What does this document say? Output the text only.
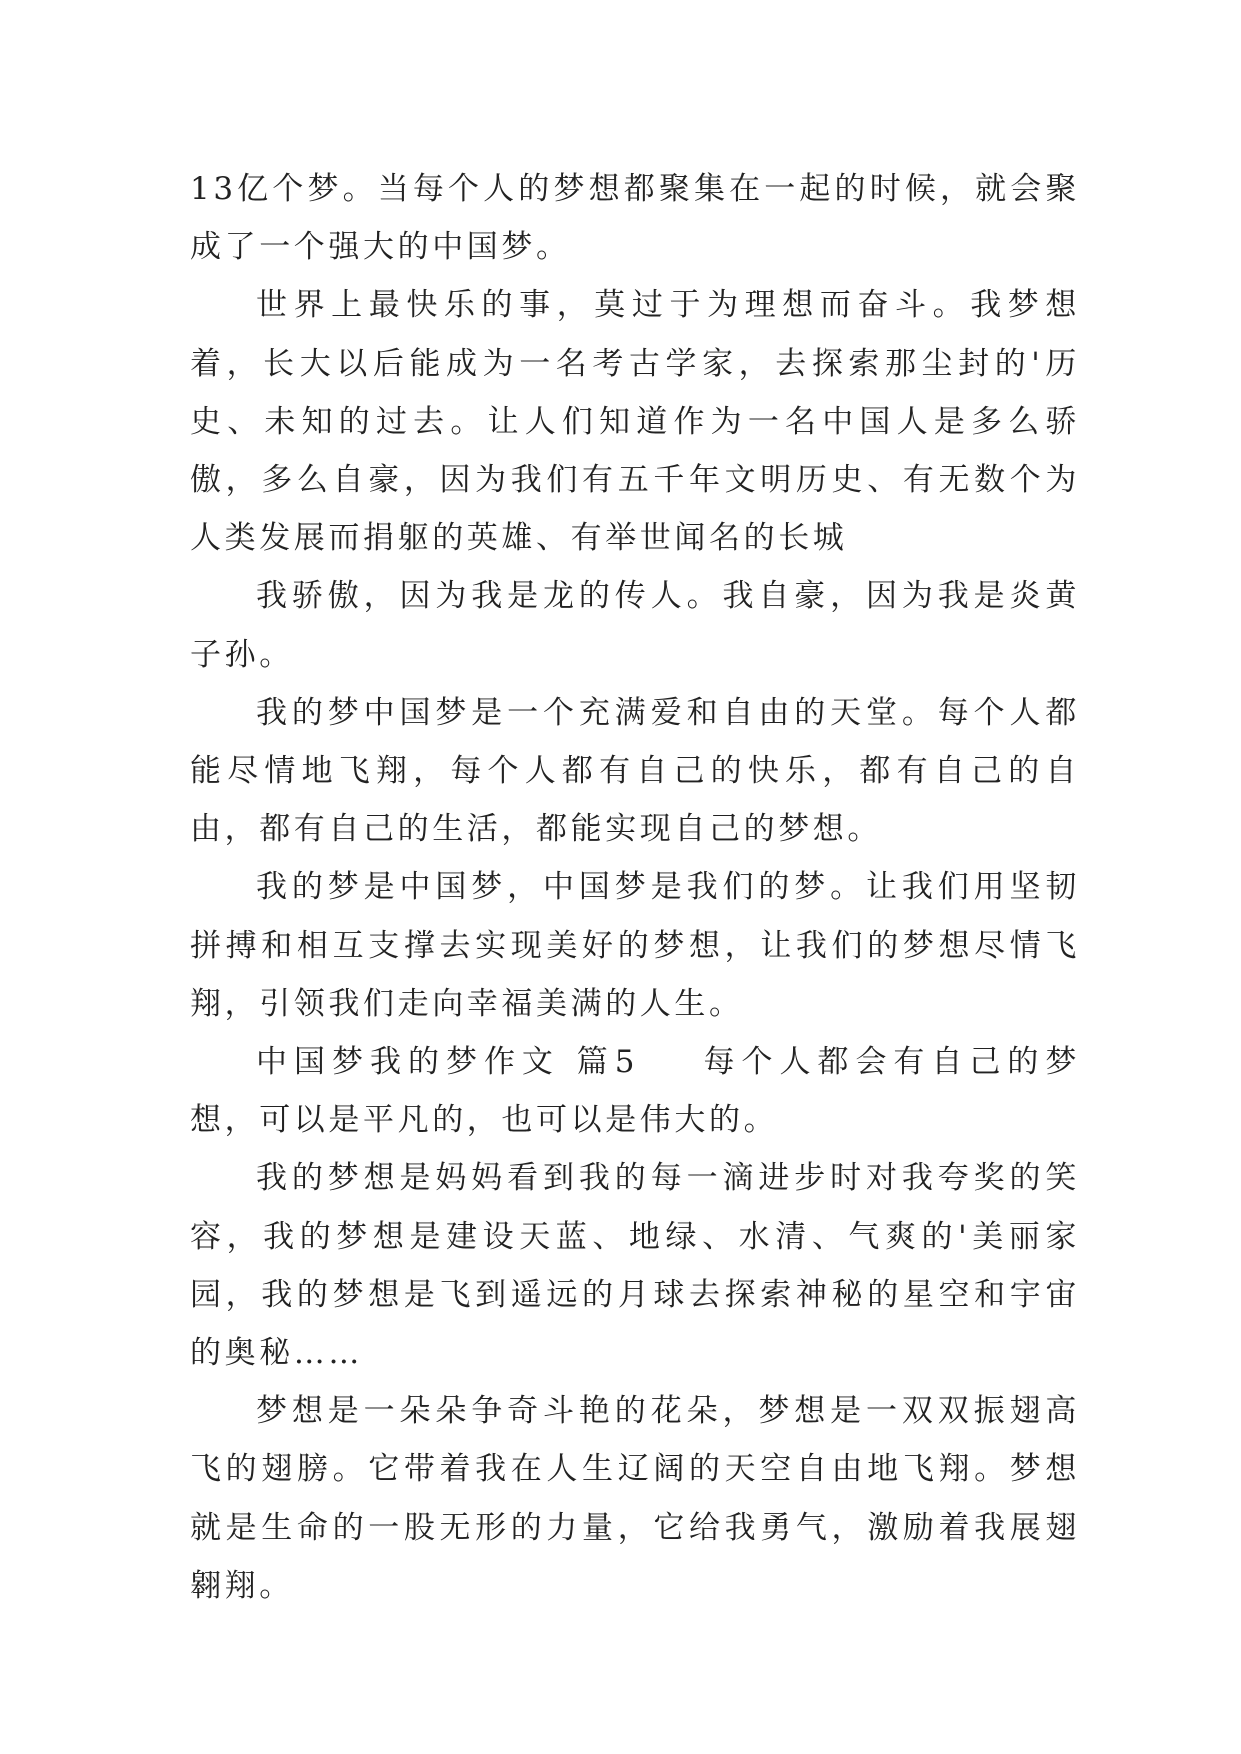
13亿个梦。当每个人的梦想都聚集在一起的时候，就会聚成了一个强大的中国梦。

世界上最快乐的事，莫过于为理想而奋斗。我梦想着，长大以后能成为一名考古学家，去探索那尘封的'历史、未知的过去。让人们知道作为一名中国人是多么骄傲，多么自豪，因为我们有五千年文明历史、有无数个为人类发展而捐躯的英雄、有举世闻名的长城

我骄傲，因为我是龙的传人。我自豪，因为我是炎黄子孙。

我的梦中国梦是一个充满爱和自由的天堂。每个人都能尽情地飞翔，每个人都有自己的快乐，都有自己的自由，都有自己的生活，都能实现自己的梦想。

我的梦是中国梦，中国梦是我们的梦。让我们用坚韧拼搏和相互支撑去实现美好的梦想，让我们的梦想尽情飞翔，引领我们走向幸福美满的人生。

中国梦我的梦作文 篇5 每个人都会有自己的梦想，可以是平凡的，也可以是伟大的。

我的梦想是妈妈看到我的每一滴进步时对我夸奖的笑容，我的梦想是建设天蓝、地绿、水清、气爽的'美丽家园，我的梦想是飞到遥远的月球去探索神秘的星空和宇宙的奥秘……

梦想是一朵朵争奇斗艳的花朵，梦想是一双双振翅高飞的翅膀。它带着我在人生辽阔的天空自由地飞翔。梦想就是生命的一股无形的力量，它给我勇气，激励着我展翅翱翔。
